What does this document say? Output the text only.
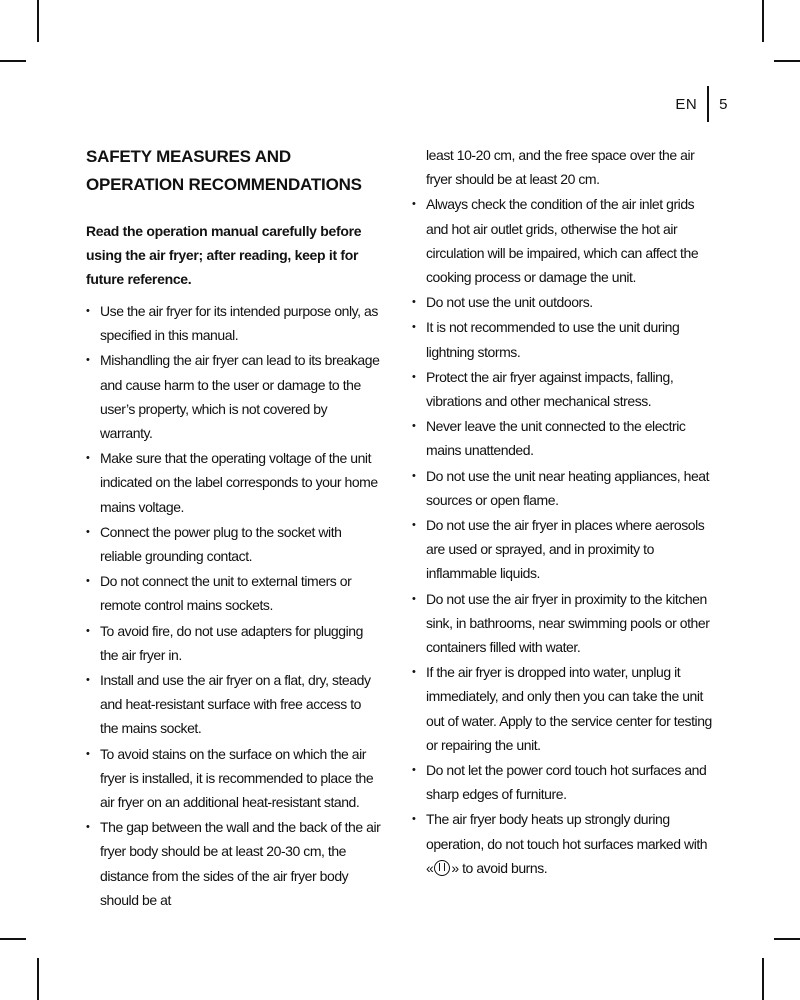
EN 5
SAFETY MEASURES AND OPERATION RECOMMENDATIONS

Read the operation manual carefully before using the air fryer; after reading, keep it for future reference.

• Use the air fryer for its intended purpose only, as specified in this manual.
• Mishandling the air fryer can lead to its breakage and cause harm to the user or damage to the user’s property, which is not covered by warranty.
• Make sure that the operating voltage of the unit indicated on the label corresponds to your home mains voltage.
• Connect the power plug to the socket with reliable grounding contact.
• Do not connect the unit to external timers or remote control mains sockets.
• To avoid fire, do not use adapters for plugging the air fryer in.
• Install and use the air fryer on a flat, dry, steady and heat-resistant surface with free access to the mains socket.
• To avoid stains on the surface on which the air fryer is installed, it is recommended to place the air fryer on an additional heat-resistant stand.
• The gap between the wall and the back of the air fryer body should be at least 20-30 cm, the distance from the sides of the air fryer body should be at
least 10-20 cm, and the free space over the air fryer should be at least 20 cm.
• Always check the condition of the air inlet grids and hot air outlet grids, otherwise the hot air circulation will be impaired, which can affect the cooking process or damage the unit.
• Do not use the unit outdoors.
• It is not recommended to use the unit during lightning storms.
• Protect the air fryer against impacts, falling, vibrations and other mechanical stress.
• Never leave the unit connected to the electric mains unattended.
• Do not use the unit near heating appliances, heat sources or open flame.
• Do not use the air fryer in places where aerosols are used or sprayed, and in proximity to inflammable liquids.
• Do not use the air fryer in proximity to the kitchen sink, in bathrooms, near swimming pools or other containers filled with water.
• If the air fryer is dropped into water, unplug it immediately, and only then you can take the unit out of water. Apply to the service center for testing or repairing the unit.
• Do not let the power cord touch hot surfaces and sharp edges of furniture.
• The air fryer body heats up strongly during operation, do not touch hot surfaces marked with « » to avoid burns.
